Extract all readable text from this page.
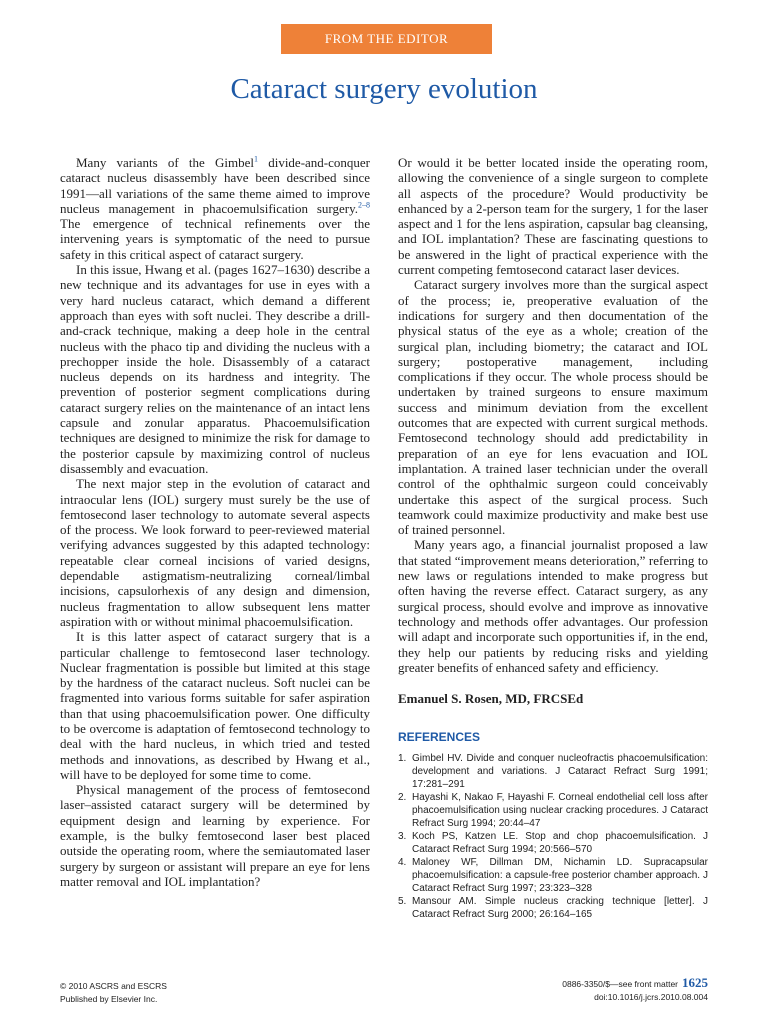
FROM THE EDITOR
Cataract surgery evolution

Many variants of the Gimbel$^1$ divide-and-conquer cataract nucleus disassembly have been described since 1991—all variations of the same theme aimed to improve nucleus management in phacoemulsification surgery.$^{2-8}$ The emergence of technical refinements over the intervening years is symptomatic of the need to pursue safety in this critical aspect of cataract surgery.

In this issue, Hwang et al. (pages 1627–1630) describe a new technique and its advantages for use in eyes with a very hard nucleus cataract, which demand a different approach than eyes with soft nuclei. They describe a drill-and-crack technique, making a deep hole in the central nucleus with the phaco tip and dividing the nucleus with a prechopper inside the hole. Disassembly of a cataract nucleus depends on its hardness and integrity. The prevention of posterior segment complications during cataract surgery relies on the maintenance of an intact lens capsule and zonular apparatus. Phacoemulsification techniques are designed to minimize the risk for damage to the posterior capsule by maximizing control of nucleus disassembly and evacuation.

The next major step in the evolution of cataract and intraocular lens (IOL) surgery must surely be the use of femtosecond laser technology to automate several aspects of the process. We look forward to peer-reviewed material verifying advances suggested by this adapted technology: repeatable clear corneal incisions of varied designs, dependable astigmatism-neutralizing corneal/limbal incisions, capsulorhexis of any design and dimension, nucleus fragmentation to allow subsequent lens matter aspiration with or without minimal phacoemulsification.

It is this latter aspect of cataract surgery that is a particular challenge to femtosecond laser technology. Nuclear fragmentation is possible but limited at this stage by the hardness of the cataract nucleus. Soft nuclei can be fragmented into various forms suitable for safer aspiration than that using phacoemulsification power. One difficulty to be overcome is adaptation of femtosecond technology to deal with the hard nucleus, in which tried and tested methods and innovations, as described by Hwang et al., will have to be deployed for some time to come.

Physical management of the process of femtosecond laser–assisted cataract surgery will be determined by equipment design and learning by experience. For example, is the bulky femtosecond laser best placed outside the operating room, where the semiautomated laser surgery by surgeon or assistant will prepare an eye for lens matter removal and IOL implantation?

Or would it be better located inside the operating room, allowing the convenience of a single surgeon to complete all aspects of the procedure? Would productivity be enhanced by a 2-person team for the surgery, 1 for the laser aspect and 1 for the lens aspiration, capsular bag cleansing, and IOL implantation? These are fascinating questions to be answered in the light of practical experience with the current competing femtosecond cataract laser devices.

Cataract surgery involves more than the surgical aspect of the process; ie, preoperative evaluation of the indications for surgery and then documentation of the physical status of the eye as a whole; creation of the surgical plan, including biometry; the cataract and IOL surgery; postoperative management, including complications if they occur. The whole process should be undertaken by trained surgeons to ensure maximum success and minimum deviation from the excellent outcomes that are expected with current surgical methods. Femtosecond technology should add predictability in preparation of an eye for lens evacuation and IOL implantation. A trained laser technician under the overall control of the ophthalmic surgeon could conceivably undertake this aspect of the surgical process. Such teamwork could maximize productivity and make best use of trained personnel.

Many years ago, a financial journalist proposed a law that stated “improvement means deterioration,” referring to new laws or regulations intended to make progress but often having the reverse effect. Cataract surgery, as any surgical process, should evolve and improve as innovative technology and methods offer advantages. Our profession will adapt and incorporate such opportunities if, in the end, they help our patients by reducing risks and yielding greater benefits of enhanced safety and efficiency.

Emanuel S. Rosen, MD, FRCSEd

REFERENCES
1. Gimbel HV. Divide and conquer nucleofractis phacoemulsification: development and variations. J Cataract Refract Surg 1991; 17:281–291
2. Hayashi K, Nakao F, Hayashi F. Corneal endothelial cell loss after phacoemulsification using nuclear cracking procedures. J Cataract Refract Surg 1994; 20:44–47
3. Koch PS, Katzen LE. Stop and chop phacoemulsification. J Cataract Refract Surg 1994; 20:566–570
4. Maloney WF, Dillman DM, Nichamin LD. Supracapsular phacoemulsification: a capsule-free posterior chamber approach. J Cataract Refract Surg 1997; 23:323–328
5. Mansour AM. Simple nucleus cracking technique [letter]. J Cataract Refract Surg 2000; 26:164–165
© 2010 ASCRS and ESCRS
Published by Elsevier Inc.
0886-3350/$—see front matter 1625
doi:10.1016/j.jcrs.2010.08.004
